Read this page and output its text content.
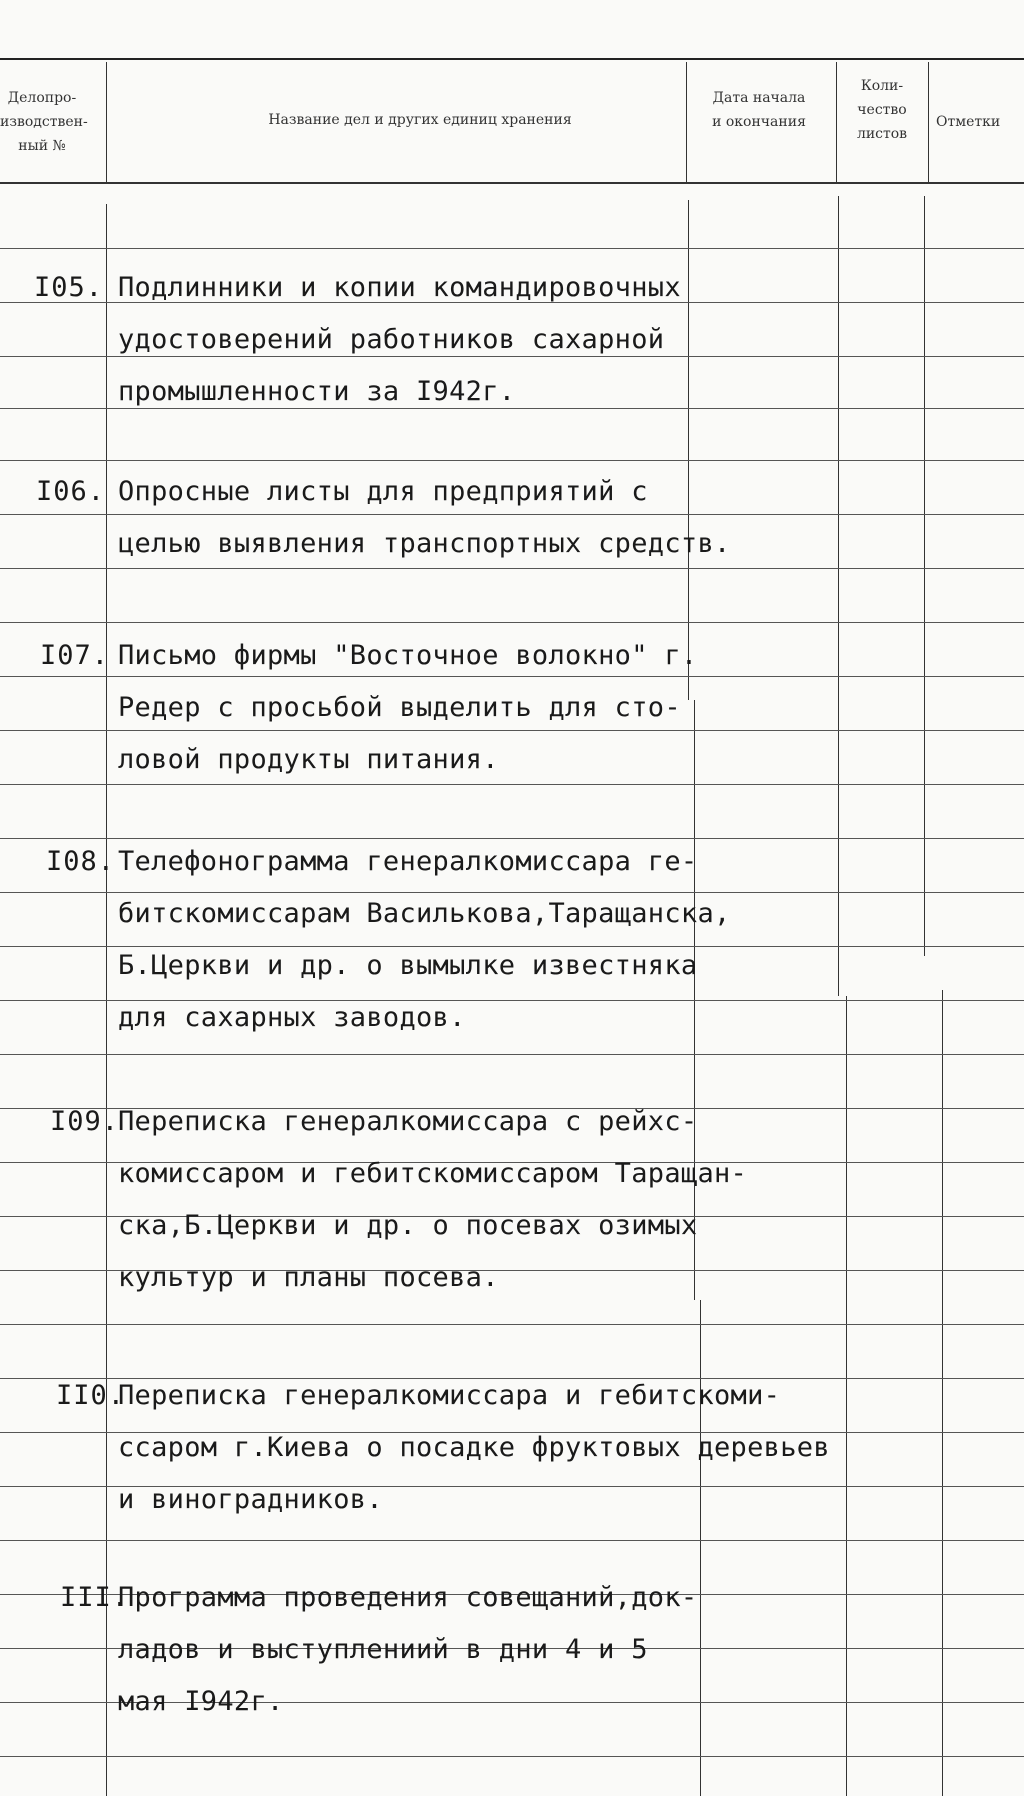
Делопро-
изводствен-
ный №
Название дел и других единиц хранения
Дата начала
и окончания
Коли-
чество
листов
Отметки
I05. Подлинники и копии командировочных
удостоверений работников сахарной
промышленности за I942г.
I06. Опросные листы для предприятий с
целью выявления транспортных средств.
I07. Письмо фирмы "Восточное волокно" г.
Редер с просьбой выделить для сто-
ловой продукты питания.
I08. Телефонограмма генералкомиссара ге-
битскомиссарам Василькова,Таращанска,
Б.Церкви и др. о вымылке известняка
для сахарных заводов.
I09.
Переписка генералкомиссара с рейхс-
комиссаром и гебитскомиссаром Таращан-
ска,Б.Церкви и др. о посевах озимых
культур и планы посева.
II0.
Переписка генералкомиссара и гебитскоми-
ссаром г.Киева о посадке фруктовых деревьев
и виноградников.
III.
Программа проведения совещаний,док-
ладов и выступлениий в дни 4 и 5
мая I942г.
